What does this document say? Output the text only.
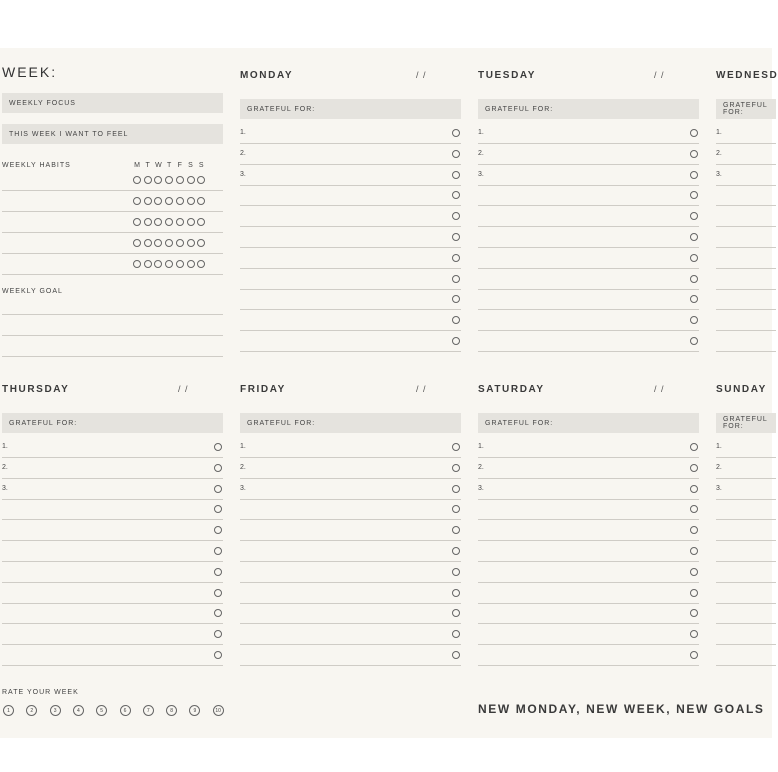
WEEK:
WEEKLY FOCUS
THIS WEEK I WANT TO FEEL
WEEKLY HABITS	M T W T F S S
WEEKLY GOAL
MONDAY	/ /
GRATEFUL FOR:
1.
2.
3.
TUESDAY	/ /
GRATEFUL FOR:
1.
2.
3.
WEDNESD
GRATEFUL FOR:
1.
2.
3.
THURSDAY	/ /
GRATEFUL FOR:
1.
2.
3.
FRIDAY	/ /
GRATEFUL FOR:
1.
2.
3.
SATURDAY	/ /
GRATEFUL FOR:
1.
2.
3.
SUNDAY
GRATEFUL FOR:
1.
2.
3.
RATE YOUR WEEK
1	2	3	4	5	6	7	8	9	10	NEW MONDAY, NEW WEEK, NEW GOALS
